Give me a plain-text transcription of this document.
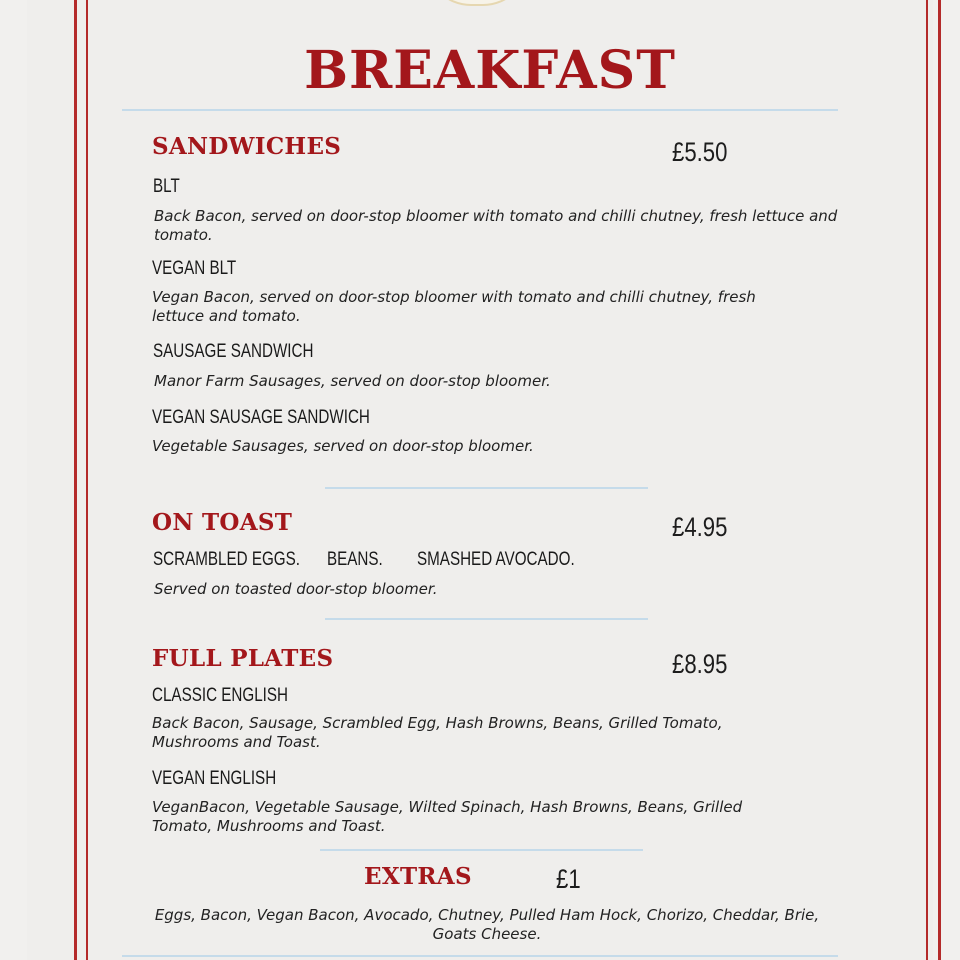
BREAKFAST
SANDWICHES	£5.50
BLT
Back Bacon, served on door-stop bloomer with tomato and chilli chutney, fresh lettuce and tomato.
VEGAN BLT
Vegan Bacon, served on door-stop bloomer with tomato and chilli chutney, fresh lettuce and tomato.
SAUSAGE SANDWICH
Manor Farm Sausages, served on door-stop bloomer.
VEGAN SAUSAGE SANDWICH
Vegetable Sausages, served on door-stop bloomer.
ON TOAST	£4.95
SCRAMBLED EGGS. BEANS. SMASHED AVOCADO.
Served on toasted door-stop bloomer.
FULL PLATES	£8.95
CLASSIC ENGLISH
Back Bacon, Sausage, Scrambled Egg, Hash Browns, Beans, Grilled Tomato, Mushrooms and Toast.
VEGAN ENGLISH
VeganBacon, Vegetable Sausage, Wilted Spinach, Hash Browns, Beans, Grilled Tomato, Mushrooms and Toast.
EXTRAS	£1
Eggs, Bacon, Vegan Bacon, Avocado, Chutney, Pulled Ham Hock, Chorizo, Cheddar, Brie, Goats Cheese.
